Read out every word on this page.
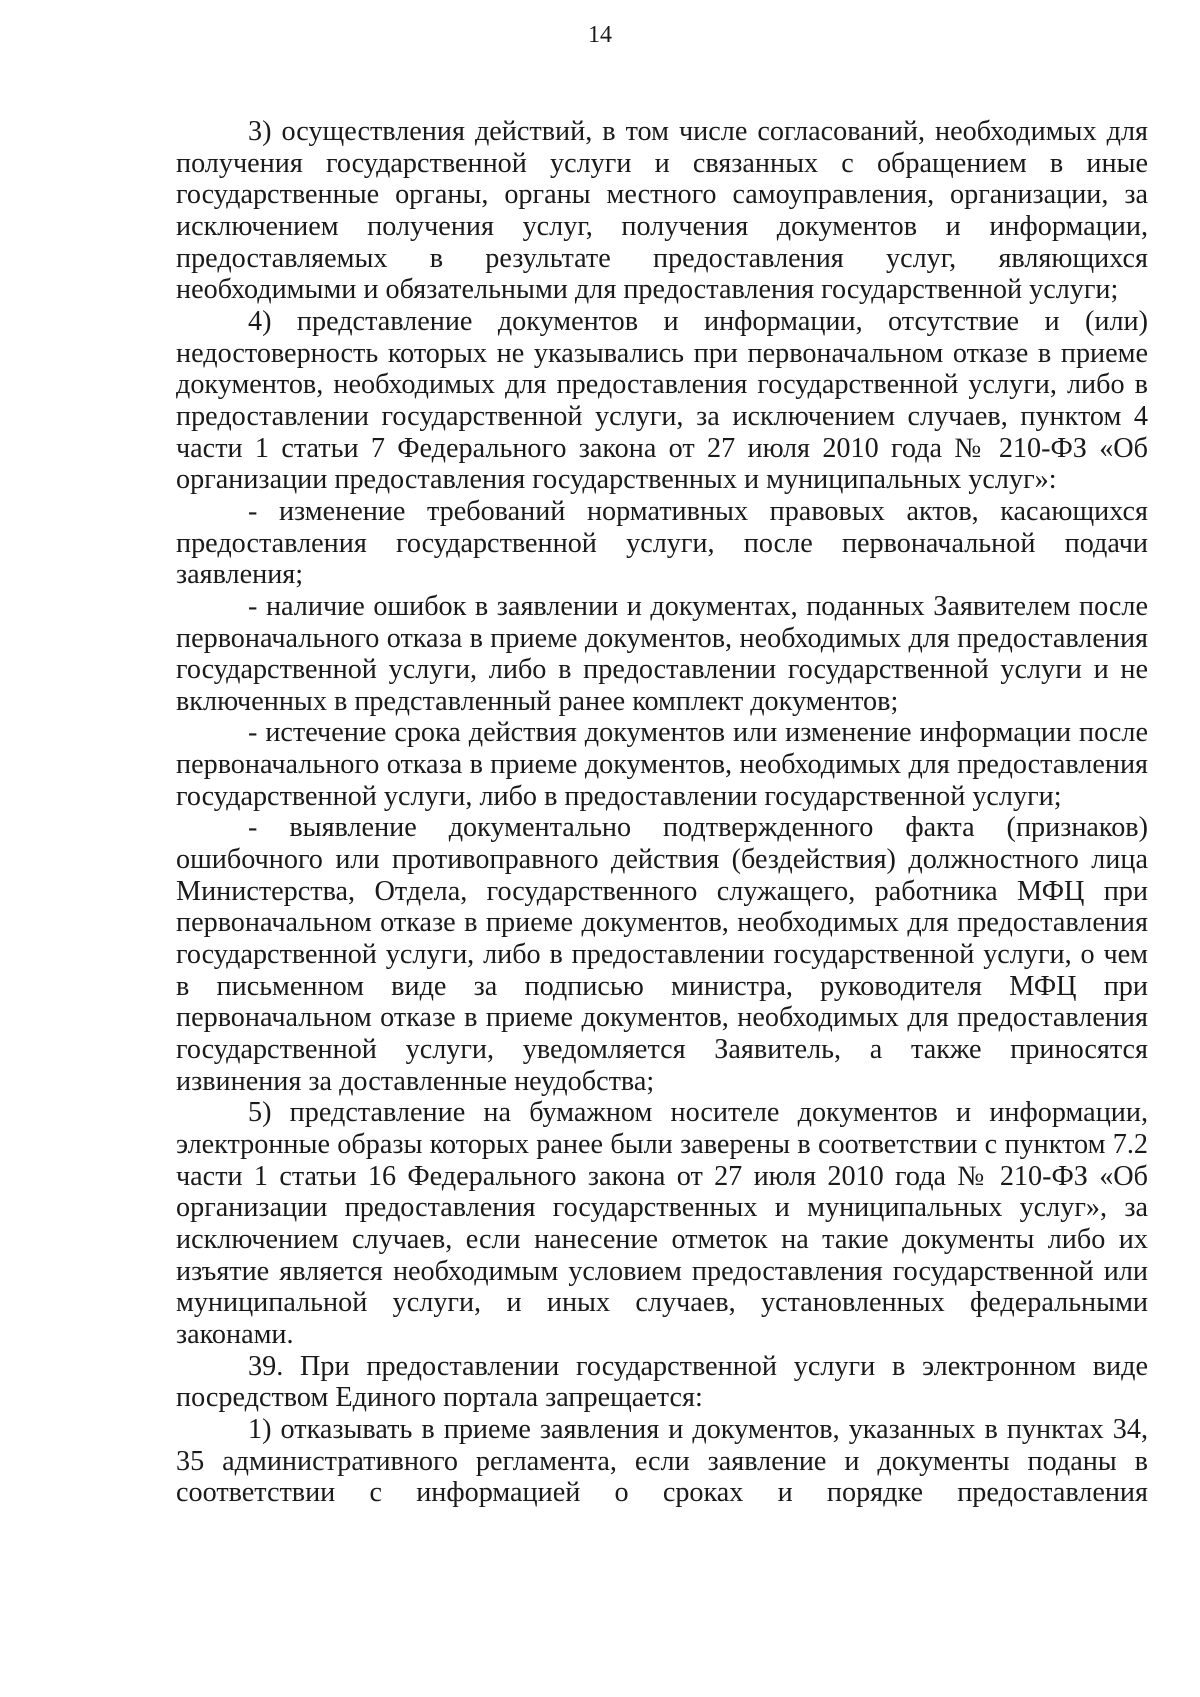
14

3) осуществления действий, в том числе согласований, необходимых для получения государственной услуги и связанных с обращением в иные государственные органы, органы местного самоуправления, организации, за исключением получения услуг, получения документов и информации, предоставляемых в результате предоставления услуг, являющихся необходимыми и обязательными для предоставления государственной услуги;

4) представление документов и информации, отсутствие и (или) недостоверность которых не указывались при первоначальном отказе в приеме документов, необходимых для предоставления государственной услуги, либо в предоставлении государственной услуги, за исключением случаев, пунктом 4 части 1 статьи 7 Федерального закона от 27 июля 2010 года № 210-ФЗ «Об организации предоставления государственных и муниципальных услуг»:

- изменение требований нормативных правовых актов, касающихся предоставления государственной услуги, после первоначальной подачи заявления;

- наличие ошибок в заявлении и документах, поданных Заявителем после первоначального отказа в приеме документов, необходимых для предоставления государственной услуги, либо в предоставлении государственной услуги и не включенных в представленный ранее комплект документов;

- истечение срока действия документов или изменение информации после первоначального отказа в приеме документов, необходимых для предоставления государственной услуги, либо в предоставлении государственной услуги;

- выявление документально подтвержденного факта (признаков) ошибочного или противоправного действия (бездействия) должностного лица Министерства, Отдела, государственного служащего, работника МФЦ при первоначальном отказе в приеме документов, необходимых для предоставления государственной услуги, либо в предоставлении государственной услуги, о чем в письменном виде за подписью министра, руководителя МФЦ при первоначальном отказе в приеме документов, необходимых для предоставления государственной услуги, уведомляется Заявитель, а также приносятся извинения за доставленные неудобства;

5) представление на бумажном носителе документов и информации, электронные образы которых ранее были заверены в соответствии с пунктом 7.2 части 1 статьи 16 Федерального закона от 27 июля 2010 года № 210-ФЗ «Об организации предоставления государственных и муниципальных услуг», за исключением случаев, если нанесение отметок на такие документы либо их изъятие является необходимым условием предоставления государственной или муниципальной услуги, и иных случаев, установленных федеральными законами.

39. При предоставлении государственной услуги в электронном виде посредством Единого портала запрещается:

1) отказывать в приеме заявления и документов, указанных в пунктах 34, 35 административного регламента, если заявление и документы поданы в соответствии с информацией о сроках и порядке предоставления
